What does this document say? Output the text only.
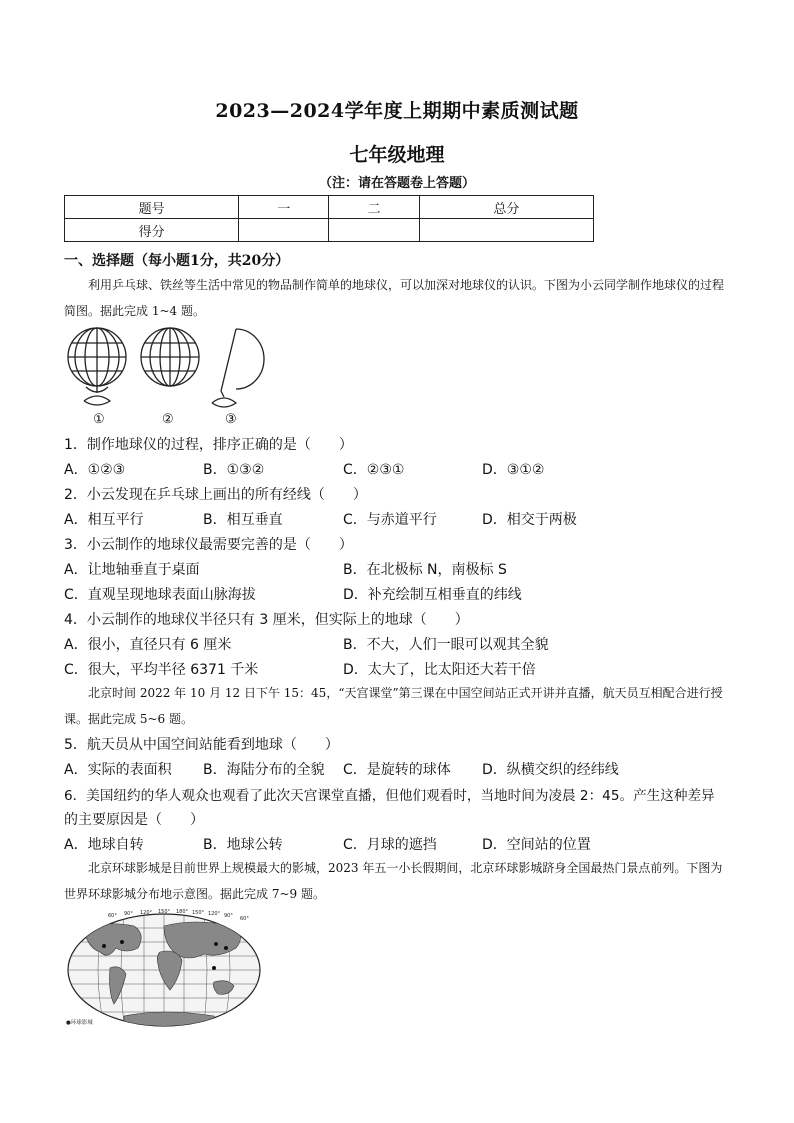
2023—2024学年度上期期中素质测试题
七年级地理
（注：请在答题卷上答题）
题号	一	二	总分
得分			
一、选择题（每小题1分，共20分）
利用乒乓球、铁丝等生活中常见的物品制作简单的地球仪，可以加深对地球仪的认识。下图为小云同学制作地球仪的过程简图。据此完成 1~4 题。
①	②	③
1．制作地球仪的过程，排序正确的是（　　）
A．①②③	B．①③②	C．②③①	D．③①②
2．小云发现在乒乓球上画出的所有经线（　　）
A．相互平行	B．相互垂直	C．与赤道平行	D．相交于两极
3．小云制作的地球仪最需要完善的是（　　）
A．让地轴垂直于桌面	B．在北极标 N，南极标 S
C．直观呈现地球表面山脉海拔	D．补充绘制互相垂直的纬线
4．小云制作的地球仪半径只有 3 厘米，但实际上的地球（　　）
A．很小，直径只有 6 厘米	B．不大，人们一眼可以观其全貌
C．很大，平均半径 6371 千米	D．太大了，比太阳还大若干倍
北京时间 2022 年 10 月 12 日下午 15：45，“天宫课堂”第三课在中国空间站正式开讲并直播，航天员互相配合进行授课。据此完成 5~6 题。
5．航天员从中国空间站能看到地球（　　）
A．实际的表面积 B．海陆分布的全貌 C．是旋转的球体 D．纵横交织的经纬线
6．美国纽约的华人观众也观看了此次天宫课堂直播，但他们观看时，当地时间为凌晨 2：45。产生这种差异
的主要原因是（　　）
A．地球自转	B．地球公转	C．月球的遮挡	D．空间站的位置
北京环球影城是目前世界上规模最大的影城，2023 年五一小长假期间，北京环球影城跻身全国最热门景点前列。下图为世界环球影城分布地示意图。据此完成 7~9 题。
60° 90° 120° 150° 180° 150° 120° 90° 60°
●环球影城
